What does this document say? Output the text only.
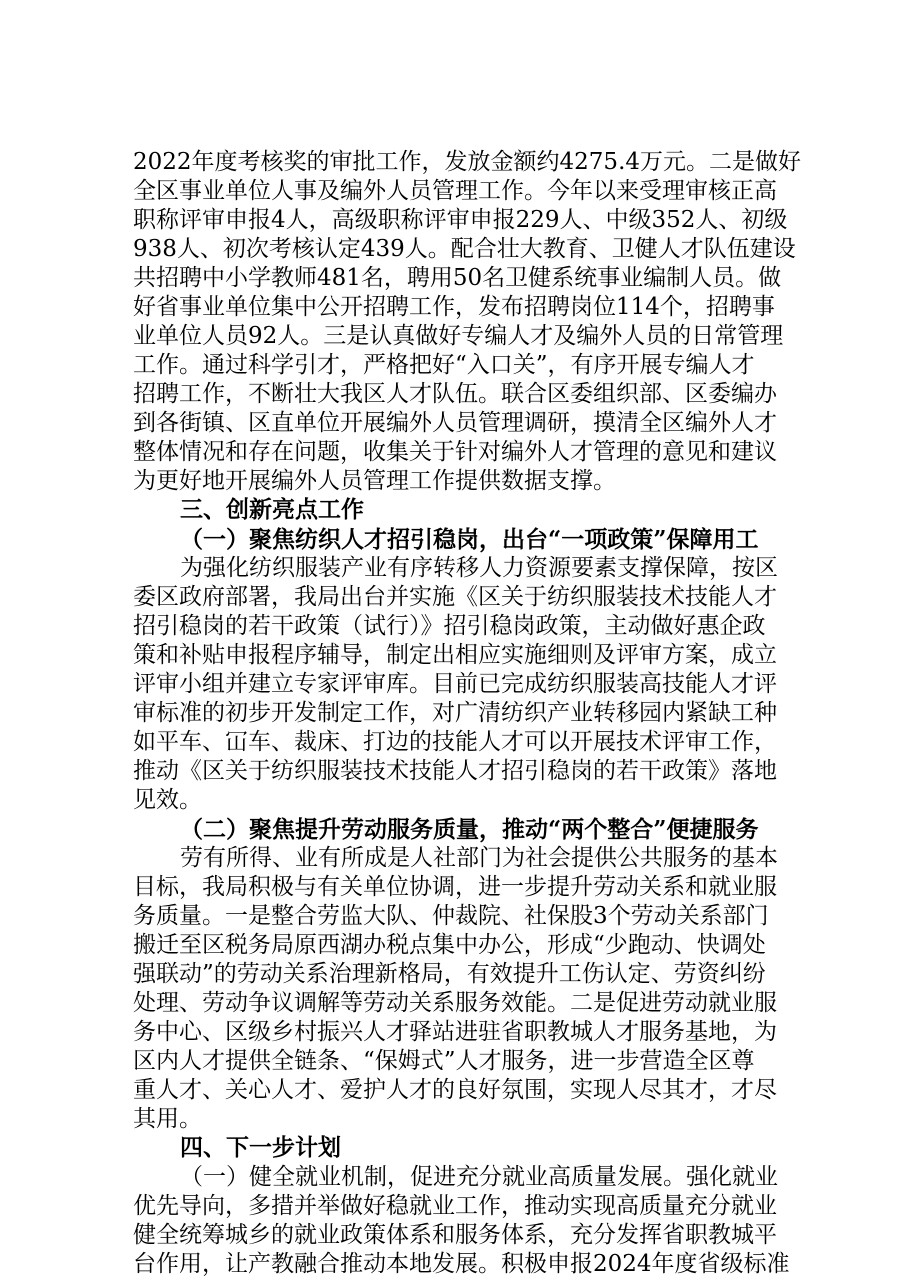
2022年度考核奖的审批工作，发放金额约4275.4万元。二是做好
全区事业单位人事及编外人员管理工作。今年以来受理审核正高
职称评审申报4人，高级职称评审申报229人、中级352人、初级
938人、初次考核认定439人。配合壮大教育、卫健人才队伍建设
共招聘中小学教师481名，聘用50名卫健系统事业编制人员。做
好省事业单位集中公开招聘工作，发布招聘岗位114个，招聘事
业单位人员92人。三是认真做好专编人才及编外人员的日常管理
工作。通过科学引才，严格把好“入口关”，有序开展专编人才
招聘工作，不断壮大我区人才队伍。联合区委组织部、区委编办
到各街镇、区直单位开展编外人员管理调研，摸清全区编外人才
整体情况和存在问题，收集关于针对编外人才管理的意见和建议
为更好地开展编外人员管理工作提供数据支撑。
三、创新亮点工作
（一）聚焦纺织人才招引稳岗，出台“一项政策”保障用工
为强化纺织服装产业有序转移人力资源要素支撑保障，按区
委区政府部署，我局出台并实施《区关于纺织服装技术技能人才
招引稳岗的若干政策（试行）》招引稳岗政策，主动做好惠企政
策和补贴申报程序辅导，制定出相应实施细则及评审方案，成立
评审小组并建立专家评审库。目前已完成纺织服装高技能人才评
审标准的初步开发制定工作，对广清纺织产业转移园内紧缺工种
如平车、冚车、裁床、打边的技能人才可以开展技术评审工作，
推动《区关于纺织服装技术技能人才招引稳岗的若干政策》落地
见效。
（二）聚焦提升劳动服务质量，推动“两个整合”便捷服务
劳有所得、业有所成是人社部门为社会提供公共服务的基本
目标，我局积极与有关单位协调，进一步提升劳动关系和就业服
务质量。一是整合劳监大队、仲裁院、社保股3个劳动关系部门
搬迁至区税务局原西湖办税点集中办公，形成“少跑动、快调处
强联动”的劳动关系治理新格局，有效提升工伤认定、劳资纠纷
处理、劳动争议调解等劳动关系服务效能。二是促进劳动就业服
务中心、区级乡村振兴人才驿站进驻省职教城人才服务基地，为
区内人才提供全链条、“保姆式”人才服务，进一步营造全区尊
重人才、关心人才、爱护人才的良好氛围，实现人尽其才，才尽
其用。
四、下一步计划
（一）健全就业机制，促进充分就业高质量发展。强化就业
优先导向，多措并举做好稳就业工作，推动实现高质量充分就业
健全统筹城乡的就业政策体系和服务体系，充分发挥省职教城平
台作用，让产教融合推动本地发展。积极申报2024年度省级标准
